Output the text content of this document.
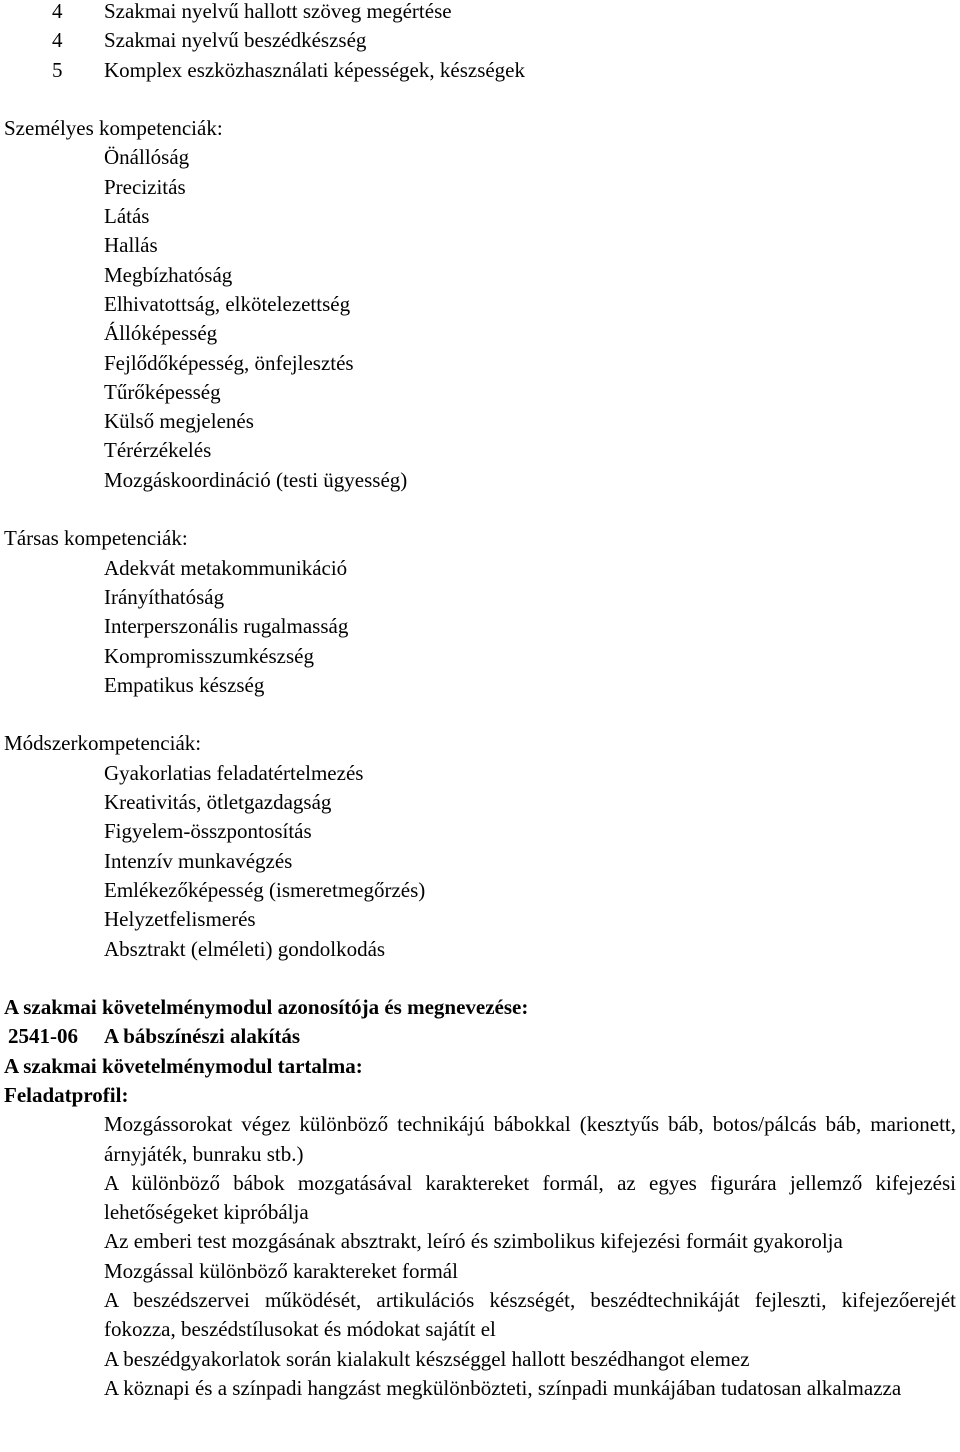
4 Szakmai nyelvű hallott szöveg megértése
4 Szakmai nyelvű beszédkészség
5 Komplex eszközhasználati képességek, készségek
Személyes kompetenciák:
Önállóság
Precizitás
Látás
Hallás
Megbízhatóság
Elhivatottság, elkötelezettség
Állóképesség
Fejlődőképesség, önfejlesztés
Tűrőképesség
Külső megjelenés
Térérzékelés
Mozgáskoordináció (testi ügyesség)
Társas kompetenciák:
Adekvát metakommunikáció
Irányíthatóság
Interperszonális rugalmasság
Kompromisszumkészség
Empatikus készség
Módszerkompetenciák:
Gyakorlatias feladatértelmezés
Kreativitás, ötletgazdagság
Figyelem-összpontosítás
Intenzív munkavégzés
Emlékezőképesség (ismeretmegőrzés)
Helyzetfelismerés
Absztrakt (elméleti) gondolkodás
A szakmai követelménymodul azonosítója és megnevezése:
2541-06 A bábszínészi alakítás
A szakmai követelménymodul tartalma:
Feladatprofil:
Mozgássorokat végez különböző technikájú bábokkal (kesztyűs báb, botos/pálcás báb, marionett, árnyjáték, bunraku stb.)
A különböző bábok mozgatásával karaktereket formál, az egyes figurára jellemző kifejezési lehetőségeket kipróbálja
Az emberi test mozgásának absztrakt, leíró és szimbolikus kifejezési formáit gyakorolja
Mozgással különböző karaktereket formál
A beszédszervei működését, artikulációs készségét, beszédtechnikáját fejleszti, kifejezőerejét fokozza, beszédstílusokat és módokat sajátít el
A beszédgyakorlatok során kialakult készséggel hallott beszédhangot elemez
A köznapi és a színpadi hangzást megkülönbözteti, színpadi munkájában tudatosan alkalmazza
